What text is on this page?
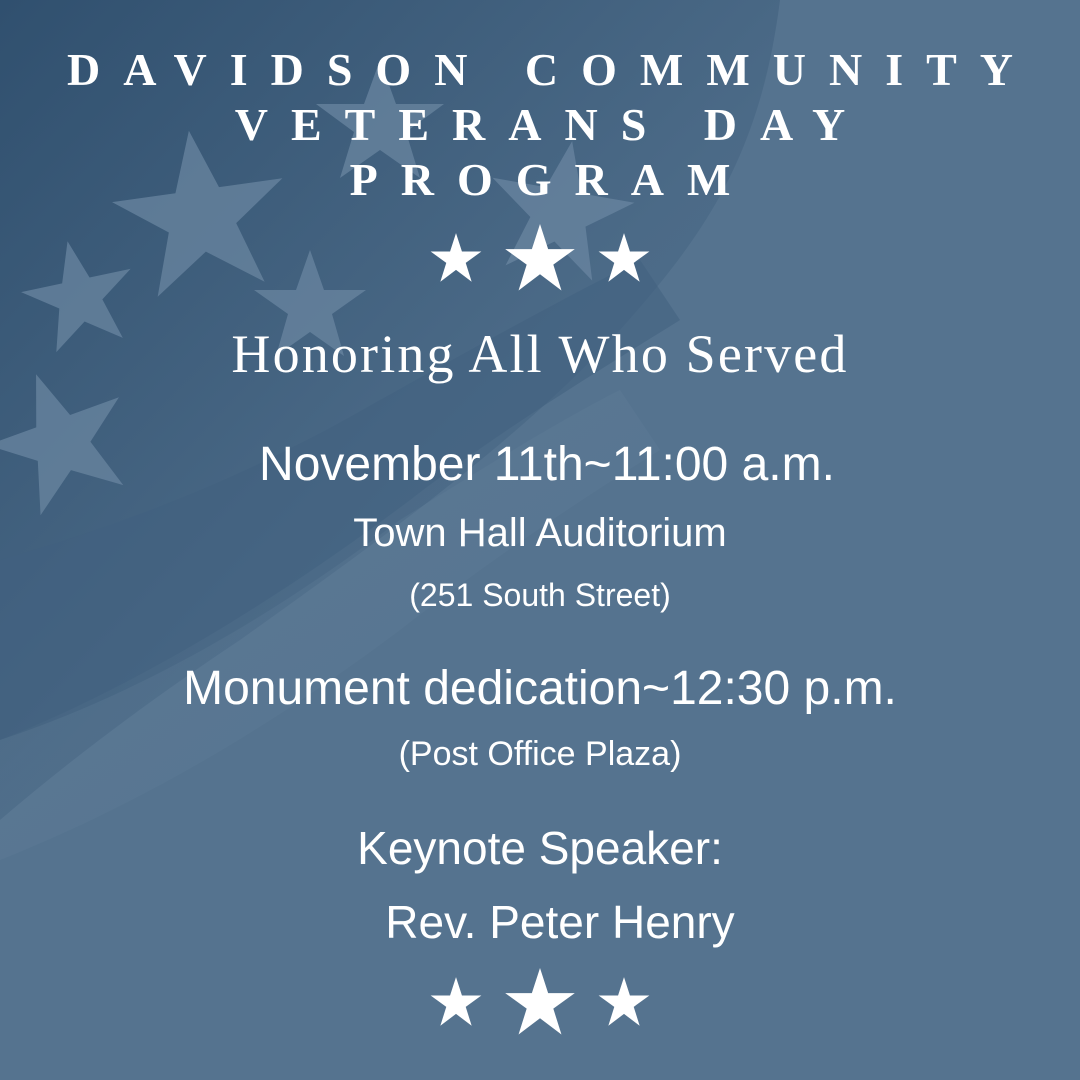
DAVIDSON COMMUNITY
VETERANS DAY
PROGRAM
Honoring All Who Served
November 11th~11:00 a.m.
Town Hall Auditorium
(251 South Street)
Monument dedication~12:30 p.m.
(Post Office Plaza)
Keynote Speaker:
Rev. Peter Henry
